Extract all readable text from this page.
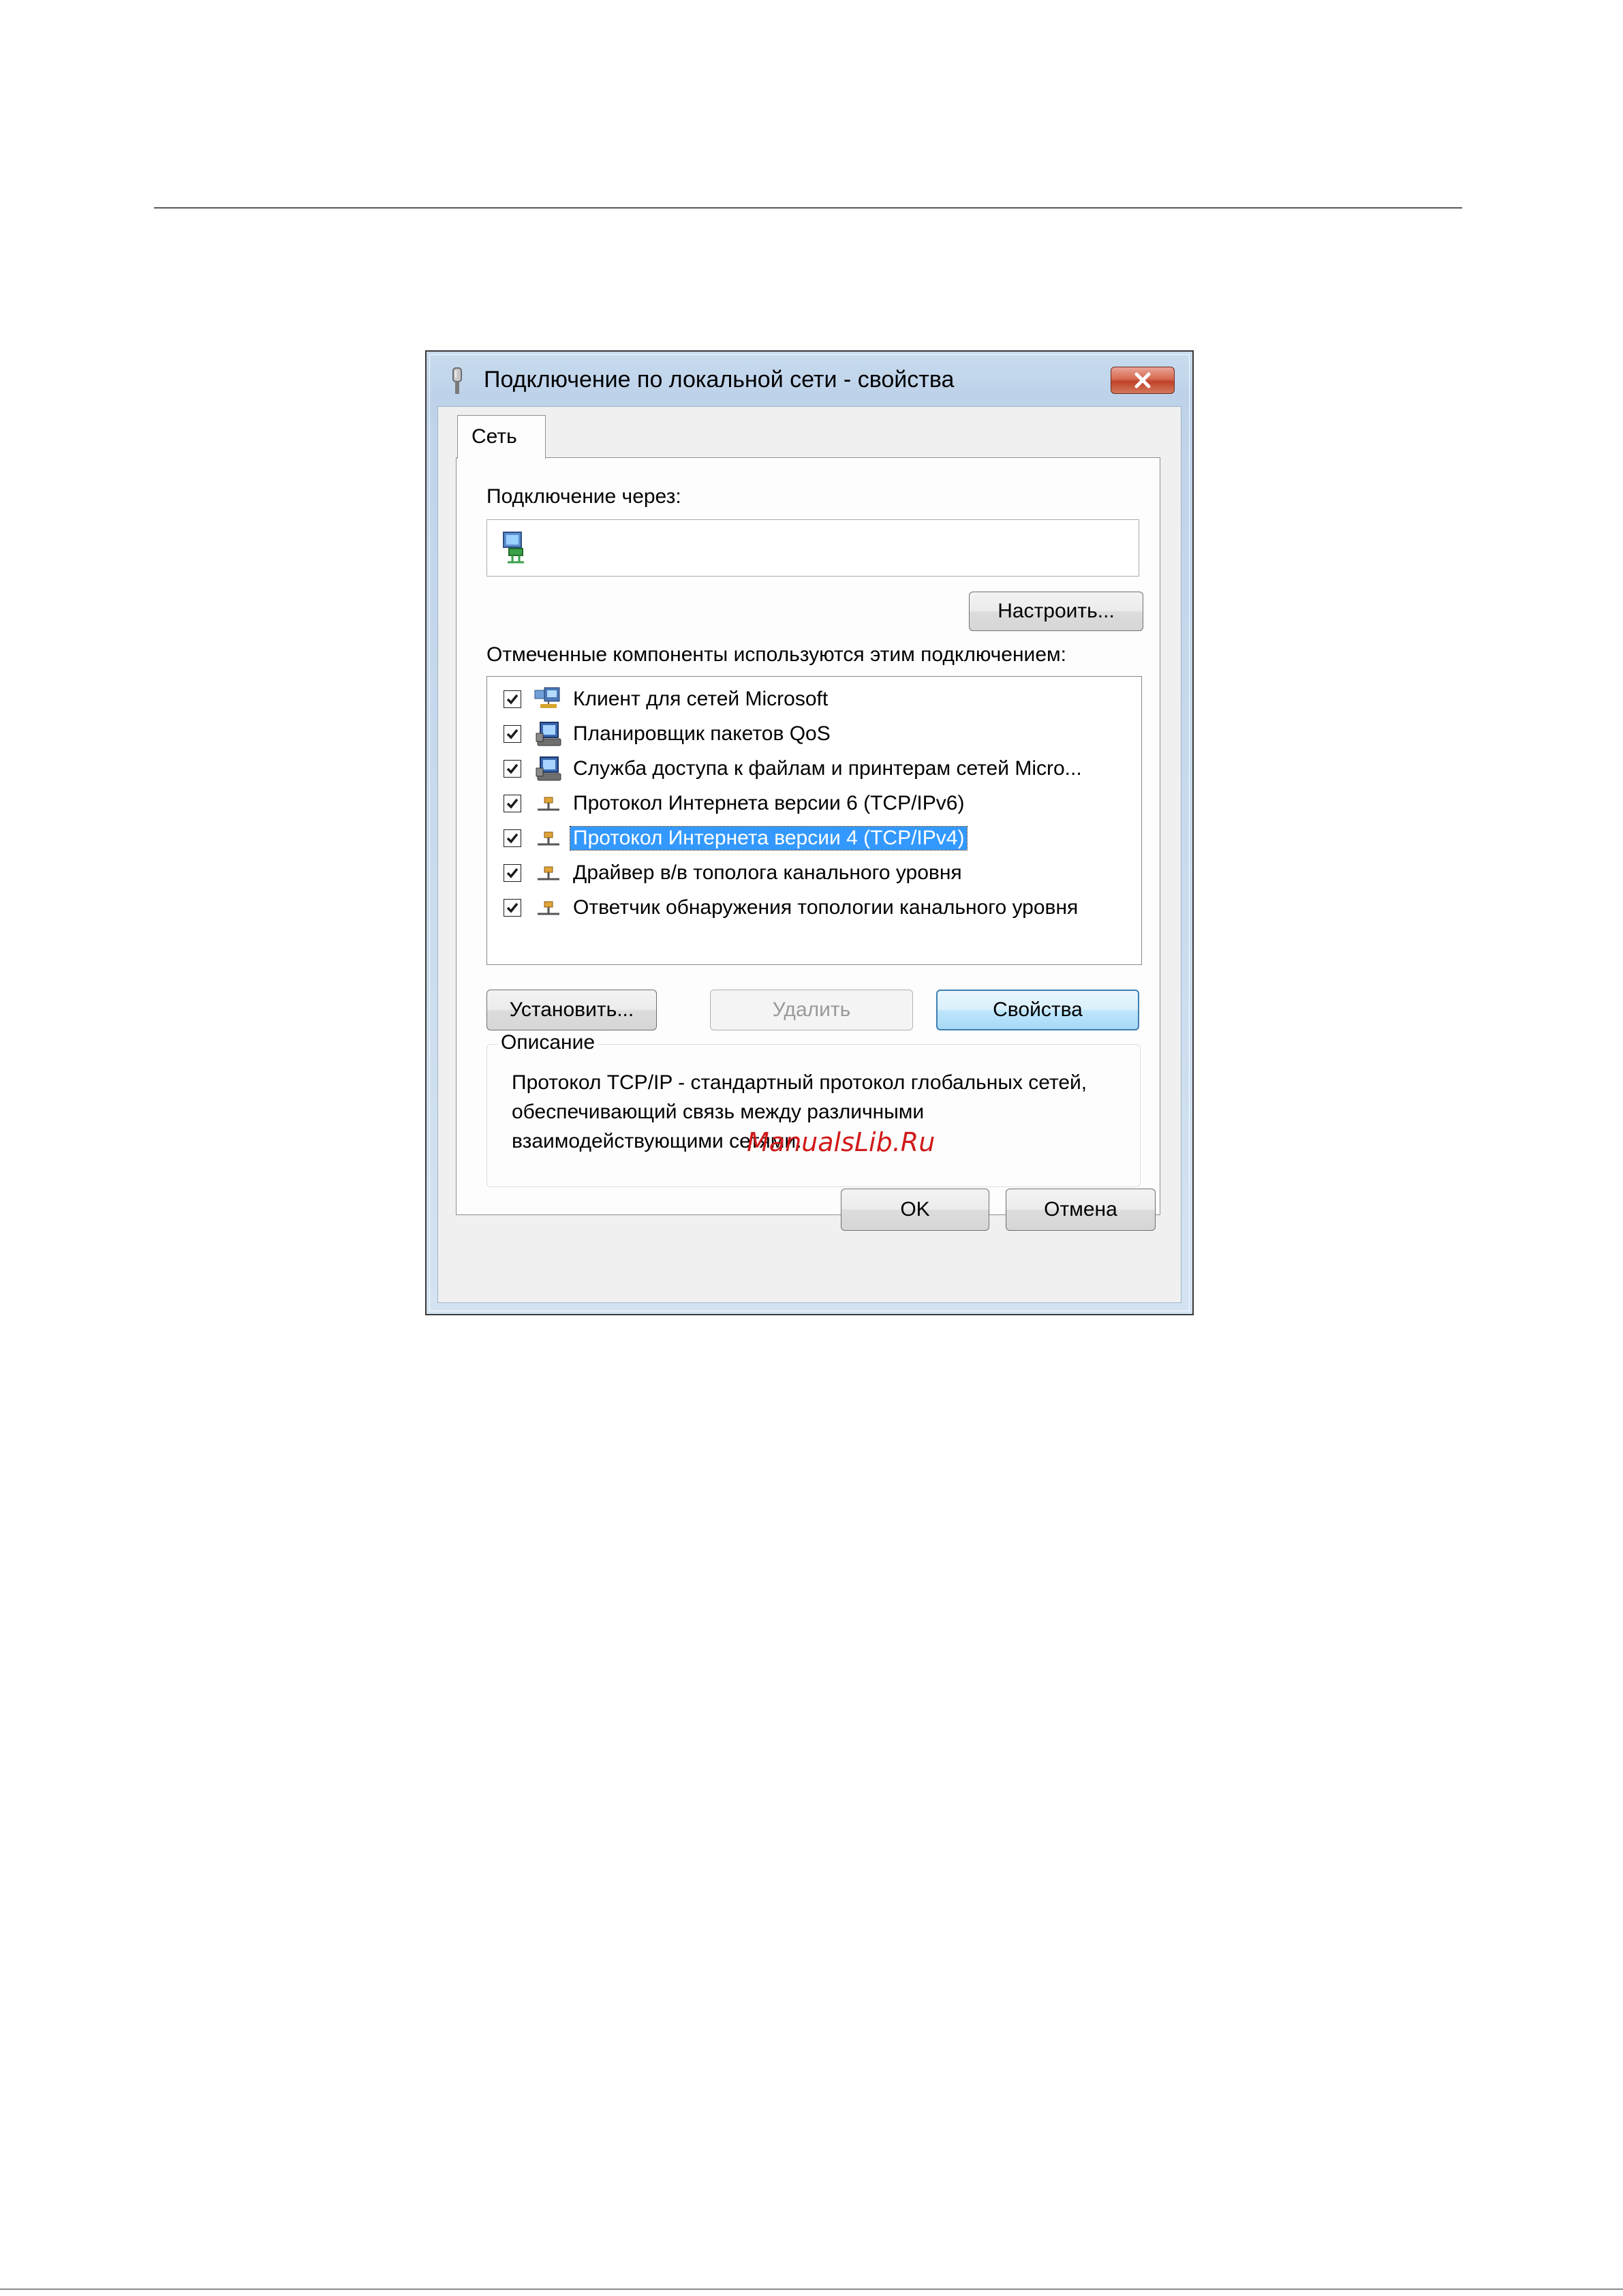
Подключение по локальной сети - свойства
Сеть
Подключение через:
Настроить...
Отмеченные компоненты используются этим подключением:
Клиент для сетей Microsoft
Планировщик пакетов QoS
Служба доступа к файлам и принтерам сетей Micro...
Протокол Интернета версии 6 (TCP/IPv6)
Протокол Интернета версии 4 (TCP/IPv4)
Драйвер в/в тополога канального уровня
Ответчик обнаружения топологии канального уровня
Установить...	Удалить	Свойства
Описание
Протокол TCP/IP - стандартный протокол глобальных сетей, обеспечивающий связь между различными взаимодействующими сетями.
OK	Отмена
ManualsLib.Ru
